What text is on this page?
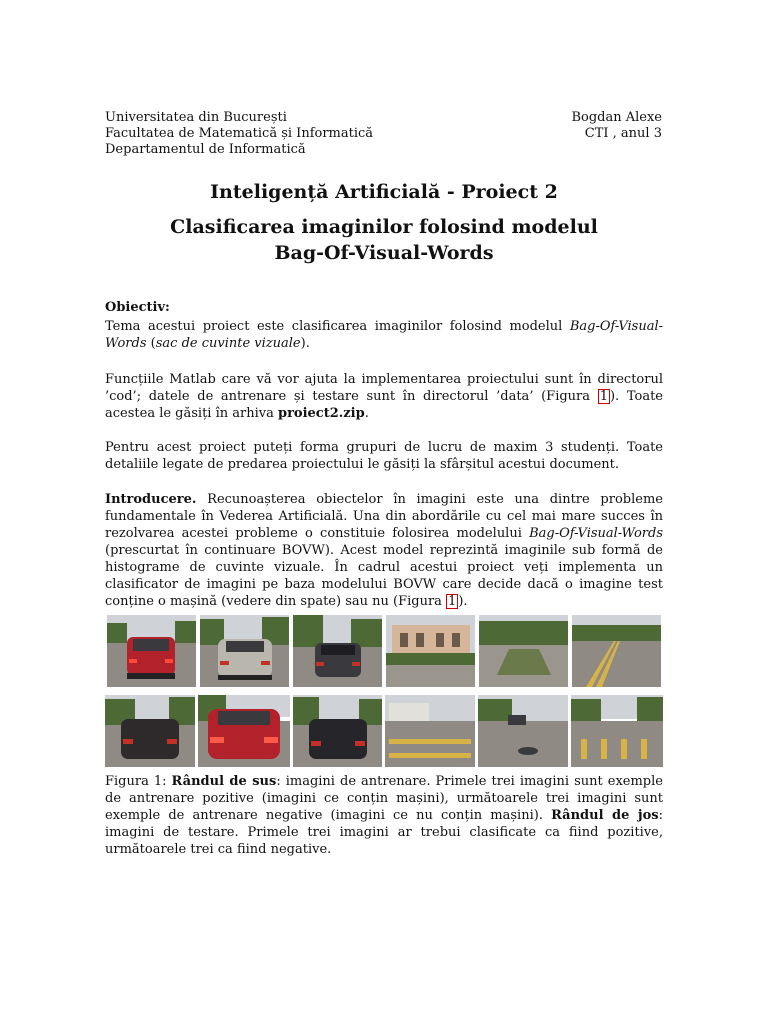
Universitatea din București
Facultatea de Matematică și Informatică
Departamentul de Informatică
Bogdan Alexe
CTI , anul 3
Inteligență Artificială - Proiect 2
Clasificarea imaginilor folosind modelul
Bag-Of-Visual-Words
Obiectiv:
Tema acestui proiect este clasificarea imaginilor folosind modelul Bag-Of-Visual-Words (sac de cuvinte vizuale).
Funcțiile Matlab care vă vor ajuta la implementarea proiectului sunt în directorul ’cod’; datele de antrenare și testare sunt în directorul ’data’ (Figura 1 ). Toate acestea le găsiți în arhiva proiect2.zip.
Pentru acest proiect puteți forma grupuri de lucru de maxim 3 studenți. Toate detaliile legate de predarea proiectului le găsiți la sfârșitul acestui document.
Introducere. Recunoașterea obiectelor în imagini este una dintre probleme fundamentale în Vederea Artificială. Una din abordările cu cel mai mare succes în rezolvarea acestei probleme o constituie folosirea modelului Bag-Of-Visual-Words (prescurtat în continuare BOVW). Acest model reprezintă imaginile sub formă de histograme de cuvinte vizuale. În cadrul acestui proiect veți implementa un clasificator de imagini pe baza modelului BOVW care decide dacă o imagine test conține o mașină (vedere din spate) sau nu (Figura 1 ).
Figura 1: Rândul de sus: imagini de antrenare. Primele trei imagini sunt exemple de antrenare pozitive (imagini ce conțin mașini), următoarele trei imagini sunt exemple de antrenare negative (imagini ce nu conțin mașini). Rândul de jos: imagini de testare. Primele trei imagini ar trebui clasificate ca fiind pozitive, următoarele trei ca fiind negative.
